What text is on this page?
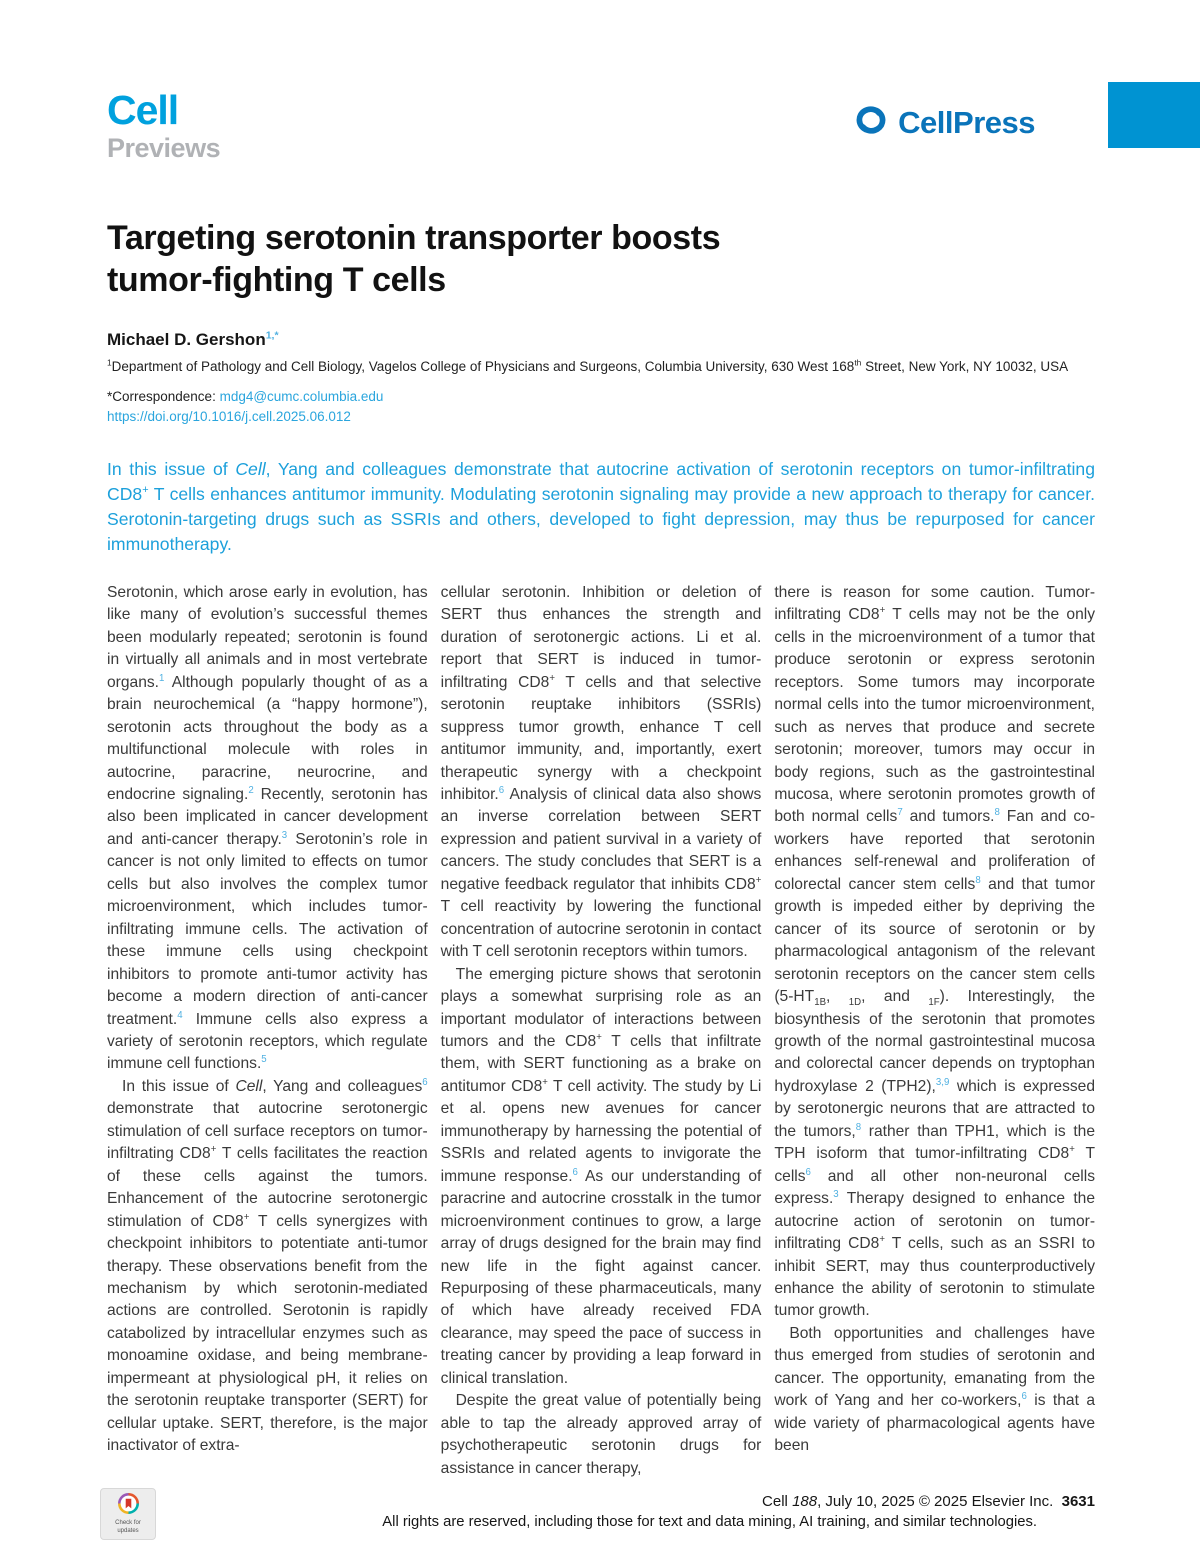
Cell
Previews
CellPress
Targeting serotonin transporter boosts
tumor-fighting T cells
Michael D. Gershon$^{1,*}$
$^1$Department of Pathology and Cell Biology, Vagelos College of Physicians and Surgeons, Columbia University, 630 West 168th Street, New York, NY 10032, USA
*Correspondence: mdg4@cumc.columbia.edu
https://doi.org/10.1016/j.cell.2025.06.012
In this issue of Cell, Yang and colleagues demonstrate that autocrine activation of serotonin receptors on tumor-infiltrating CD8+ T cells enhances antitumor immunity. Modulating serotonin signaling may provide a new approach to therapy for cancer. Serotonin-targeting drugs such as SSRIs and others, developed to fight depression, may thus be repurposed for cancer immunotherapy.

Serotonin, which arose early in evolution, has like many of evolution’s successful themes been modularly repeated; serotonin is found in virtually all animals and in most vertebrate organs.$^1$ Although popularly thought of as a brain neurochemical (a “happy hormone”), serotonin acts throughout the body as a multifunctional molecule with roles in autocrine, paracrine, neurocrine, and endocrine signaling.$^2$ Recently, serotonin has also been implicated in cancer development and anti-cancer therapy.$^3$ Serotonin’s role in cancer is not only limited to effects on tumor cells but also involves the complex tumor microenvironment, which includes tumor-infiltrating immune cells. The activation of these immune cells using checkpoint inhibitors to promote anti-tumor activity has become a modern direction of anti-cancer treatment.$^4$ Immune cells also express a variety of serotonin receptors, which regulate immune cell functions.$^5$

In this issue of Cell, Yang and colleagues$^6$ demonstrate that autocrine serotonergic stimulation of cell surface receptors on tumor-infiltrating CD8+ T cells facilitates the reaction of these cells against the tumors. Enhancement of the autocrine serotonergic stimulation of CD8+ T cells synergizes with checkpoint inhibitors to potentiate anti-tumor therapy. These observations benefit from the mechanism by which serotonin-mediated actions are controlled. Serotonin is rapidly catabolized by intracellular enzymes such as monoamine oxidase, and being membrane-impermeant at physiological pH, it relies on the serotonin reuptake transporter (SERT) for cellular uptake. SERT, therefore, is the major inactivator of extra-

cellular serotonin. Inhibition or deletion of SERT thus enhances the strength and duration of serotonergic actions. Li et al. report that SERT is induced in tumor-infiltrating CD8+ T cells and that selective serotonin reuptake inhibitors (SSRIs) suppress tumor growth, enhance T cell antitumor immunity, and, importantly, exert therapeutic synergy with a checkpoint inhibitor.$^6$ Analysis of clinical data also shows an inverse correlation between SERT expression and patient survival in a variety of cancers. The study concludes that SERT is a negative feedback regulator that inhibits CD8+ T cell reactivity by lowering the functional concentration of autocrine serotonin in contact with T cell serotonin receptors within tumors.

The emerging picture shows that serotonin plays a somewhat surprising role as an important modulator of interactions between tumors and the CD8+ T cells that infiltrate them, with SERT functioning as a brake on antitumor CD8+ T cell activity. The study by Li et al. opens new avenues for cancer immunotherapy by harnessing the potential of SSRIs and related agents to invigorate the immune response.$^6$ As our understanding of paracrine and autocrine crosstalk in the tumor microenvironment continues to grow, a large array of drugs designed for the brain may find new life in the fight against cancer. Repurposing of these pharmaceuticals, many of which have already received FDA clearance, may speed the pace of success in treating cancer by providing a leap forward in clinical translation.

Despite the great value of potentially being able to tap the already approved array of psychotherapeutic serotonin drugs for assistance in cancer therapy,

there is reason for some caution. Tumor-infiltrating CD8+ T cells may not be the only cells in the microenvironment of a tumor that produce serotonin or express serotonin receptors. Some tumors may incorporate normal cells into the tumor microenvironment, such as nerves that produce and secrete serotonin; moreover, tumors may occur in body regions, such as the gastrointestinal mucosa, where serotonin promotes growth of both normal cells$^7$ and tumors.$^8$ Fan and co-workers have reported that serotonin enhances self-renewal and proliferation of colorectal cancer stem cells$^8$ and that tumor growth is impeded either by depriving the cancer of its source of serotonin or by pharmacological antagonism of the relevant serotonin receptors on the cancer stem cells ($5-HT_{1B}$, $_{1D}$, and $_{1F}$). Interestingly, the biosynthesis of the serotonin that promotes growth of the normal gastrointestinal mucosa and colorectal cancer depends on tryptophan hydroxylase 2 (TPH2),$^{3,9}$ which is expressed by serotonergic neurons that are attracted to the tumors,$^8$ rather than TPH1, which is the TPH isoform that tumor-infiltrating CD8+ T cells$^6$ and all other non-neuronal cells express.$^3$ Therapy designed to enhance the autocrine action of serotonin on tumor-infiltrating CD8+ T cells, such as an SSRI to inhibit SERT, may thus counterproductively enhance the ability of serotonin to stimulate tumor growth.

Both opportunities and challenges have thus emerged from studies of serotonin and cancer. The opportunity, emanating from the work of Yang and her co-workers,$^6$ is that a wide variety of pharmacological agents have been

Check for updates
Cell 188, July 10, 2025 © 2025 Elsevier Inc.  3631
All rights are reserved, including those for text and data mining, AI training, and similar technologies.
